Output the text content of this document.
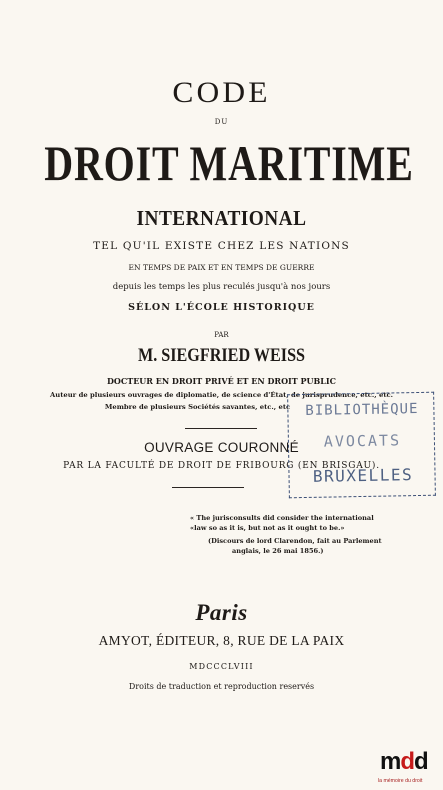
CODE
DU
DROIT MARITIME
INTERNATIONAL
TEL QU'IL EXISTE CHEZ LES NATIONS
EN TEMPS DE PAIX ET EN TEMPS DE GUERRE
depuis les temps les plus reculés jusqu'à nos jours
SÉLON L'ÉCOLE HISTORIQUE
PAR
M. SIEGFRIED WEISS
DOCTEUR EN DROIT PRIVÉ ET EN DROIT PUBLIC
Auteur de plusieurs ouvrages de diplomatie, de science d'État, de jurisprudence, etc., etc.
Membre de plusieurs Sociétés savantes, etc., etc
OUVRAGE COURONNÉ
PAR LA FACULTÉ DE DROIT DE FRIBOURG (EN BRISGAU).
« The jurisconsults did consider the international
«law so as it is, but not as it ought to be.»
(Discours de lord Clarendon, fait au Parlement
anglais, le 26 mai 1856.)
BIBLIOTHÈQUE
AVOCATS
BRUXELLES
Paris
AMYOT, ÉDITEUR, 8, RUE DE LA PAIX
MDCCCLVIII
Droits de traduction et reproduction reservés
mdd
la mémoire du droit
